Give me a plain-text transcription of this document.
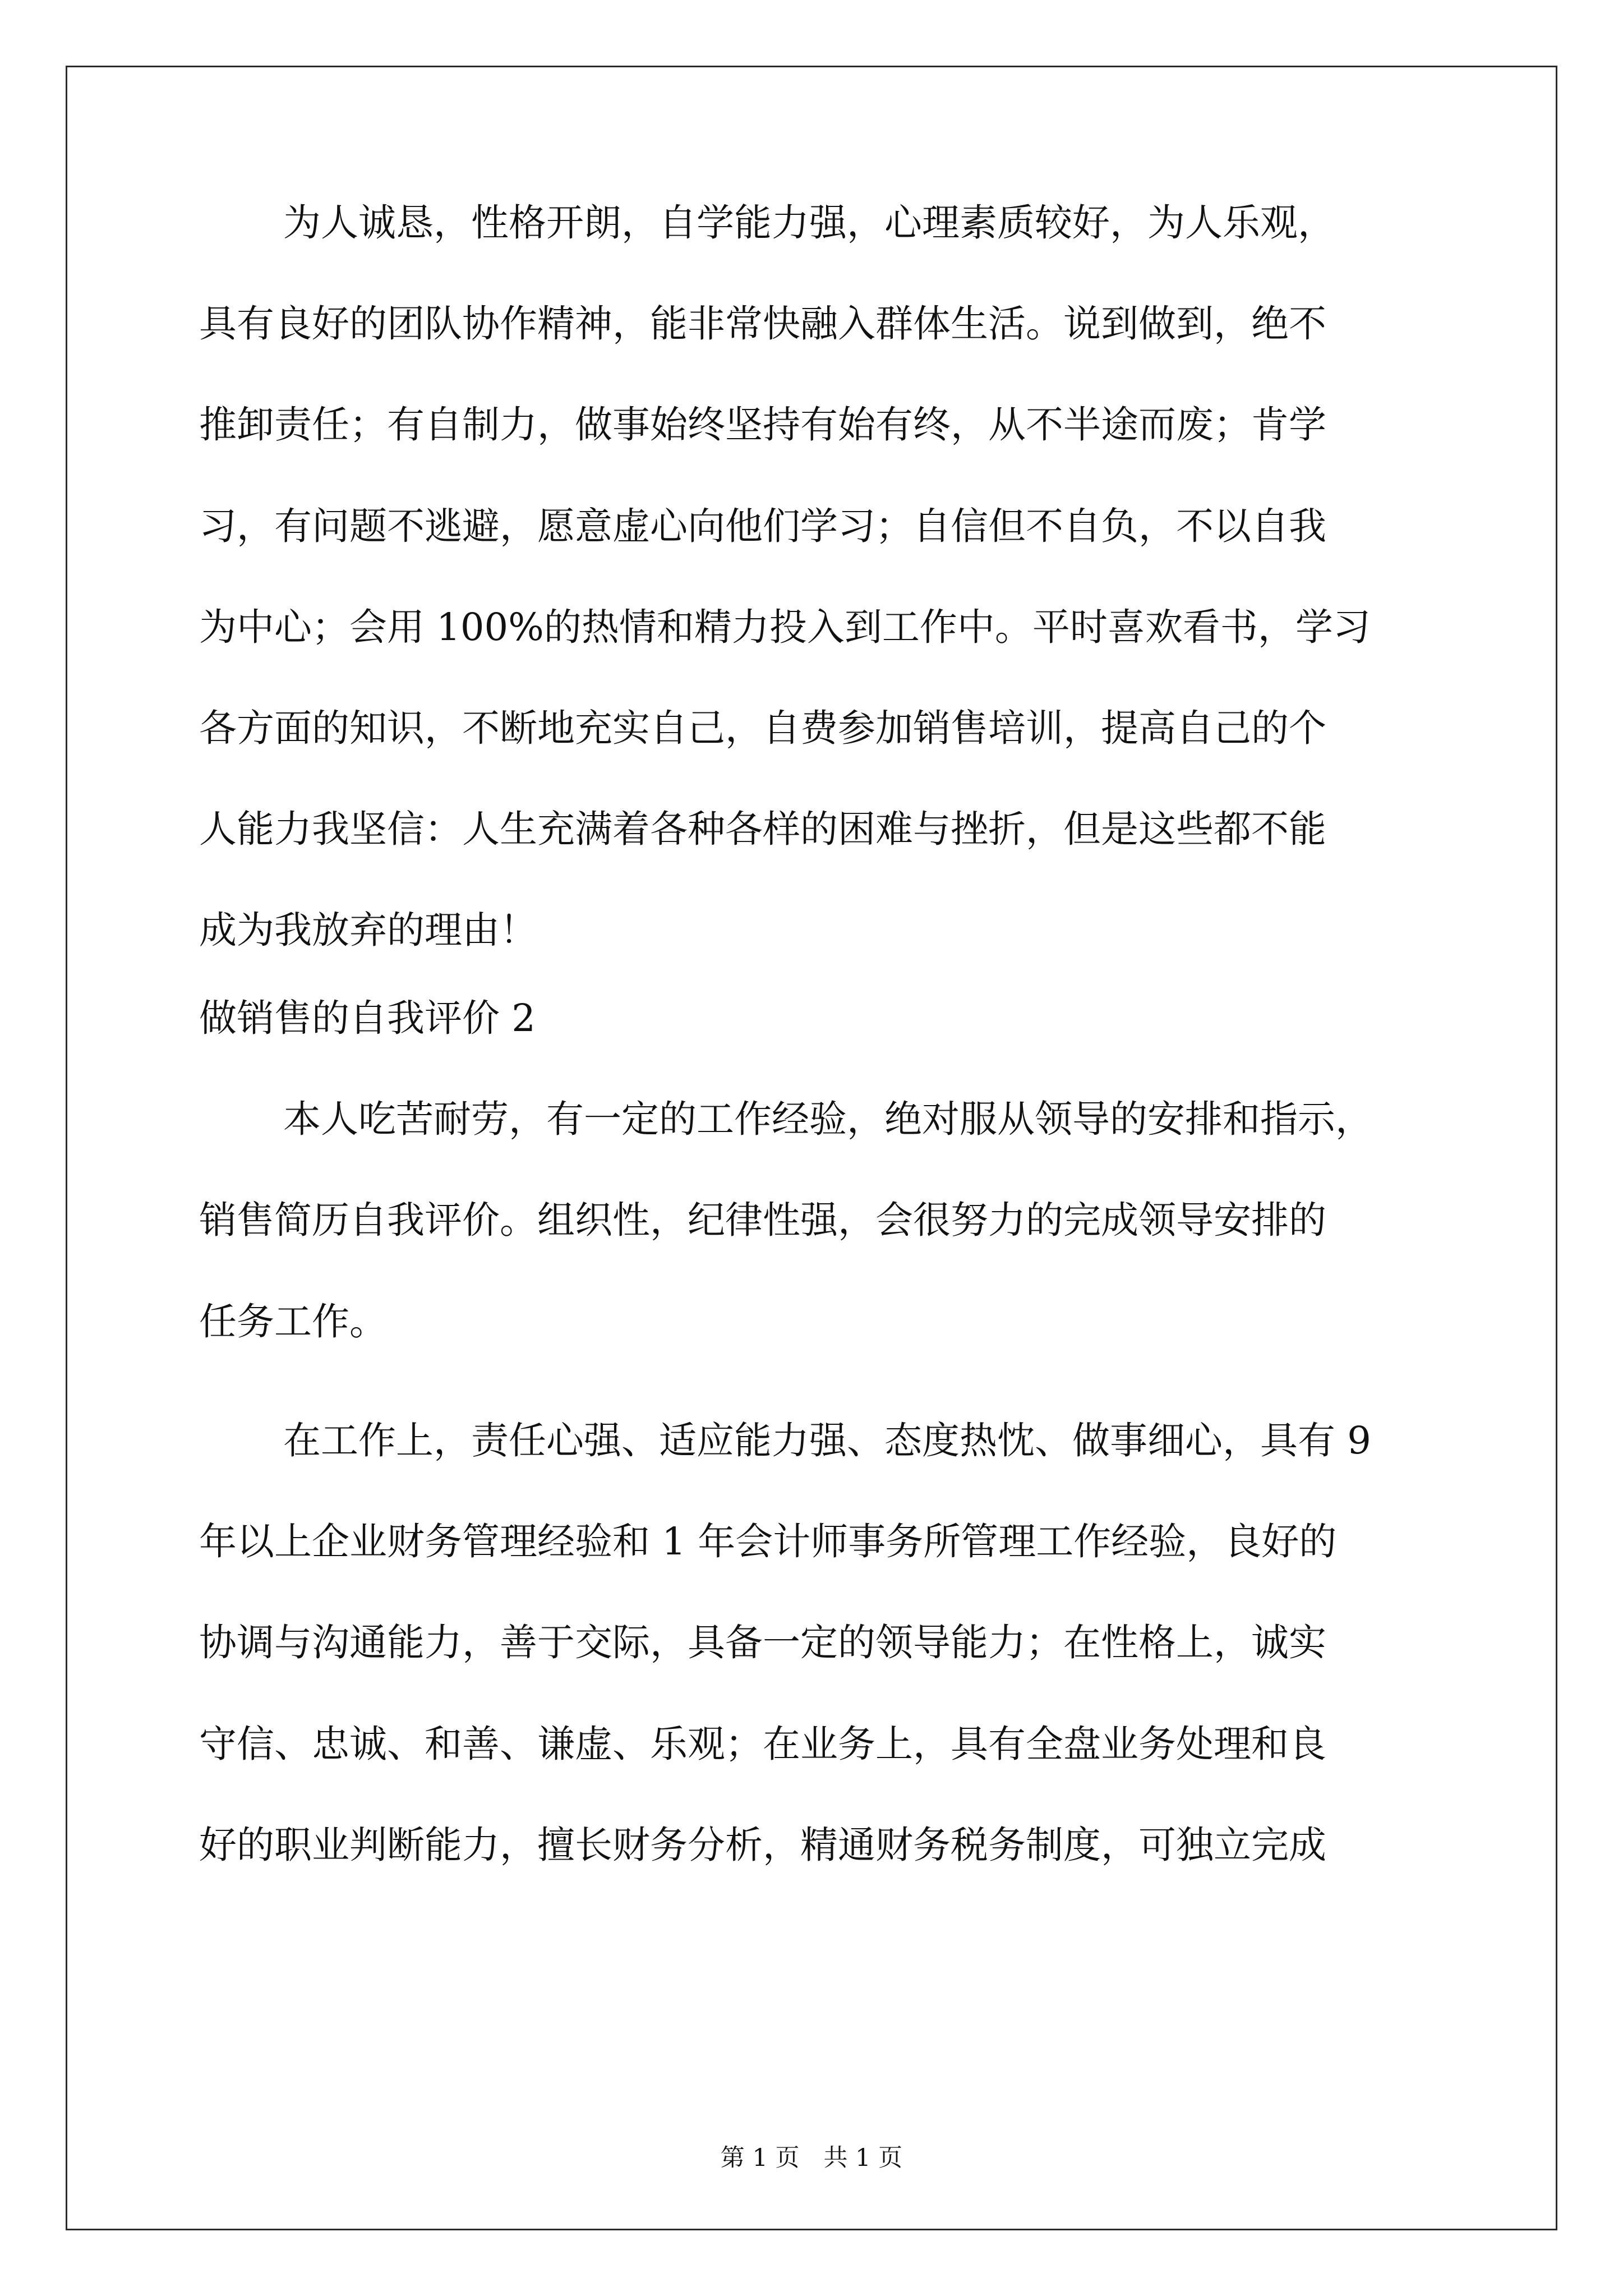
为人诚恳，性格开朗，自学能力强，心理素质较好，为人乐观，
具有良好的团队协作精神，能非常快融入群体生活。说到做到，绝不
推卸责任；有自制力，做事始终坚持有始有终，从不半途而废；肯学
习，有问题不逃避，愿意虚心向他们学习；自信但不自负，不以自我
为中心；会用 100%的热情和精力投入到工作中。平时喜欢看书，学习
各方面的知识，不断地充实自己，自费参加销售培训，提高自己的个
人能力我坚信：人生充满着各种各样的困难与挫折，但是这些都不能
成为我放弃的理由！
做销售的自我评价 2
本人吃苦耐劳，有一定的工作经验，绝对服从领导的安排和指示，
销售简历自我评价。组织性，纪律性强，会很努力的完成领导安排的
任务工作。
在工作上，责任心强、适应能力强、态度热忱、做事细心，具有 9
年以上企业财务管理经验和 1 年会计师事务所管理工作经验，良好的
协调与沟通能力，善于交际，具备一定的领导能力；在性格上，诚实
守信、忠诚、和善、谦虚、乐观；在业务上，具有全盘业务处理和良
好的职业判断能力，擅长财务分析，精通财务税务制度，可独立完成
第 1 页　共 1 页
